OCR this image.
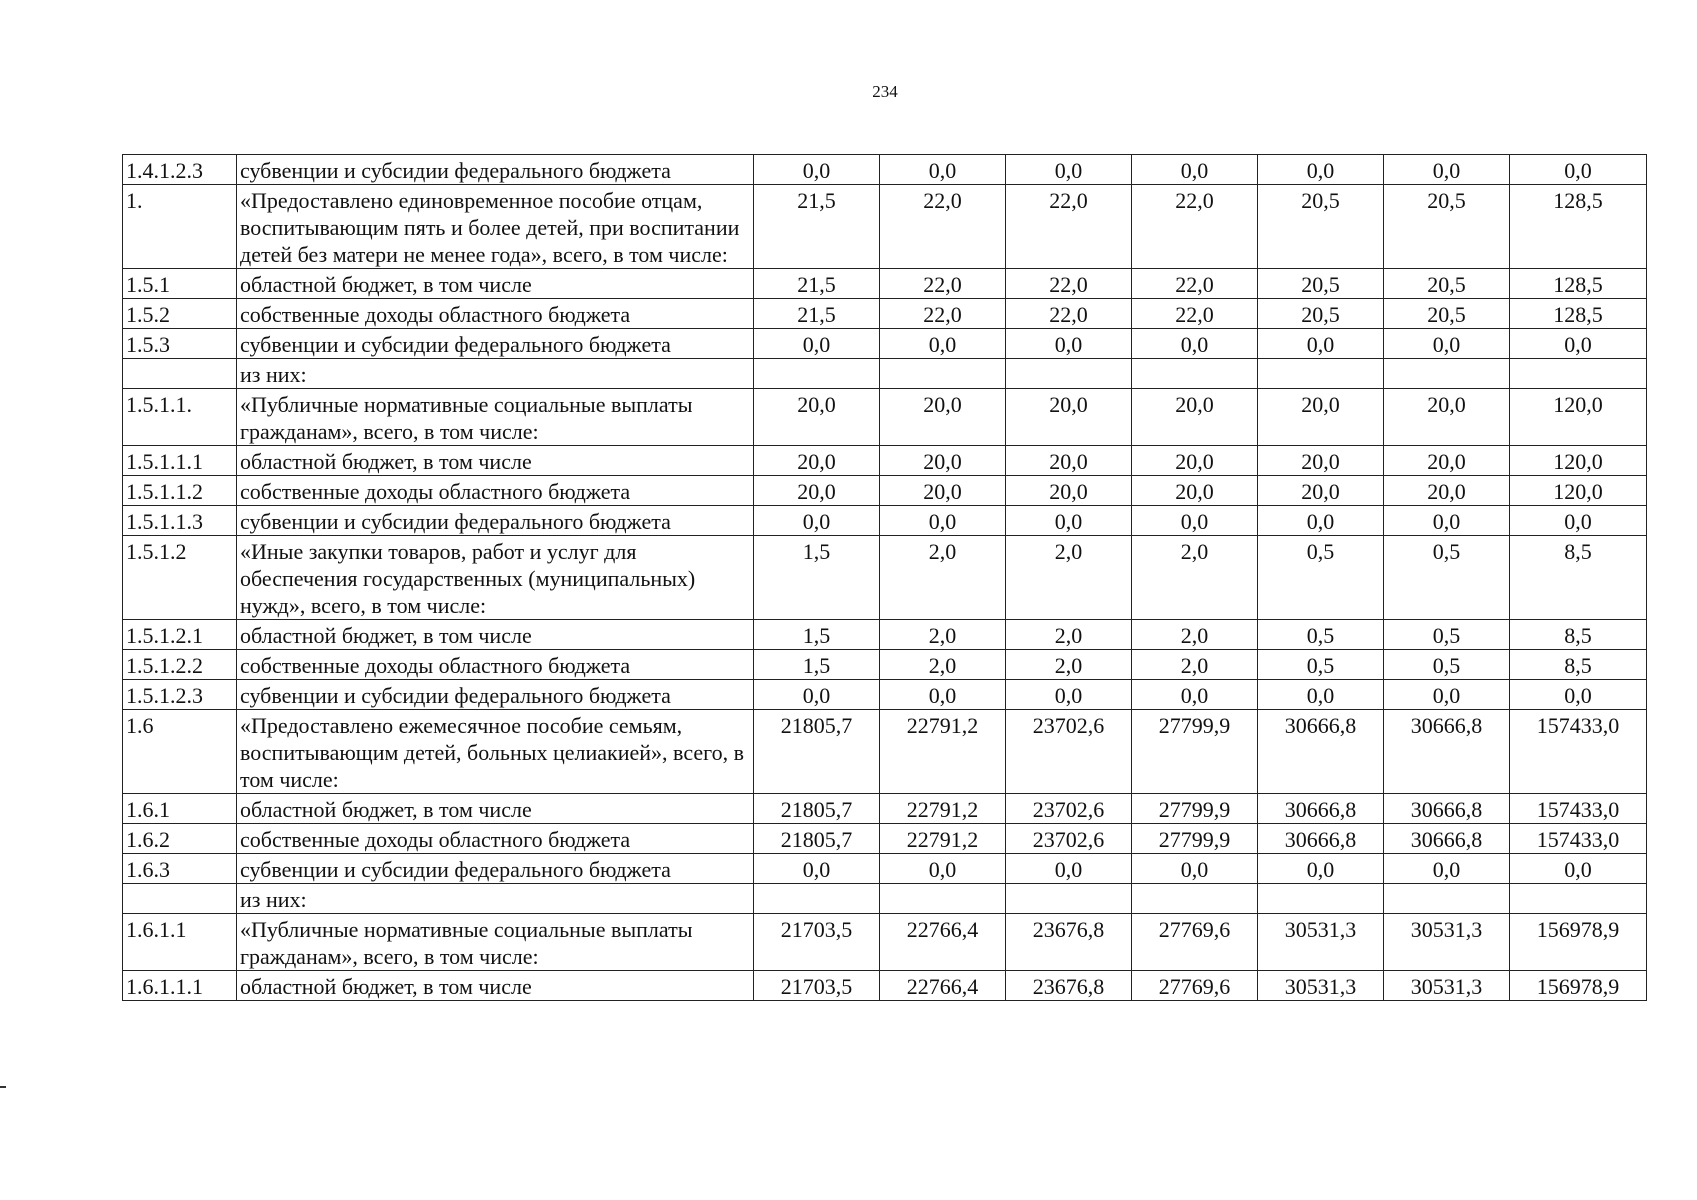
234
1.4.1.2.3	субвенции и субсидии федерального бюджета	0,0	0,0	0,0	0,0	0,0	0,0	0,0
1.	«Предоставлено единовременное пособие отцам, воспитывающим пять и более детей, при воспитании детей без матери не менее года», всего, в том числе:	21,5	22,0	22,0	22,0	20,5	20,5	128,5
1.5.1	областной бюджет, в том числе	21,5	22,0	22,0	22,0	20,5	20,5	128,5
1.5.2	собственные доходы областного бюджета	21,5	22,0	22,0	22,0	20,5	20,5	128,5
1.5.3	субвенции и субсидии федерального бюджета	0,0	0,0	0,0	0,0	0,0	0,0	0,0
	из них:							
1.5.1.1.	«Публичные нормативные социальные выплаты гражданам», всего, в том числе:	20,0	20,0	20,0	20,0	20,0	20,0	120,0
1.5.1.1.1	областной бюджет, в том числе	20,0	20,0	20,0	20,0	20,0	20,0	120,0
1.5.1.1.2	собственные доходы областного бюджета	20,0	20,0	20,0	20,0	20,0	20,0	120,0
1.5.1.1.3	субвенции и субсидии федерального бюджета	0,0	0,0	0,0	0,0	0,0	0,0	0,0
1.5.1.2	«Иные закупки товаров, работ и услуг для обеспечения государственных (муниципальных) нужд», всего, в том числе:	1,5	2,0	2,0	2,0	0,5	0,5	8,5
1.5.1.2.1	областной бюджет, в том числе	1,5	2,0	2,0	2,0	0,5	0,5	8,5
1.5.1.2.2	собственные доходы областного бюджета	1,5	2,0	2,0	2,0	0,5	0,5	8,5
1.5.1.2.3	субвенции и субсидии федерального бюджета	0,0	0,0	0,0	0,0	0,0	0,0	0,0
1.6	«Предоставлено ежемесячное пособие семьям, воспитывающим детей, больных целиакией», всего, в том числе:	21805,7	22791,2	23702,6	27799,9	30666,8	30666,8	157433,0
1.6.1	областной бюджет, в том числе	21805,7	22791,2	23702,6	27799,9	30666,8	30666,8	157433,0
1.6.2	собственные доходы областного бюджета	21805,7	22791,2	23702,6	27799,9	30666,8	30666,8	157433,0
1.6.3	субвенции и субсидии федерального бюджета	0,0	0,0	0,0	0,0	0,0	0,0	0,0
	из них:							
1.6.1.1	«Публичные нормативные социальные выплаты гражданам», всего, в том числе:	21703,5	22766,4	23676,8	27769,6	30531,3	30531,3	156978,9
1.6.1.1.1	областной бюджет, в том числе	21703,5	22766,4	23676,8	27769,6	30531,3	30531,3	156978,9
